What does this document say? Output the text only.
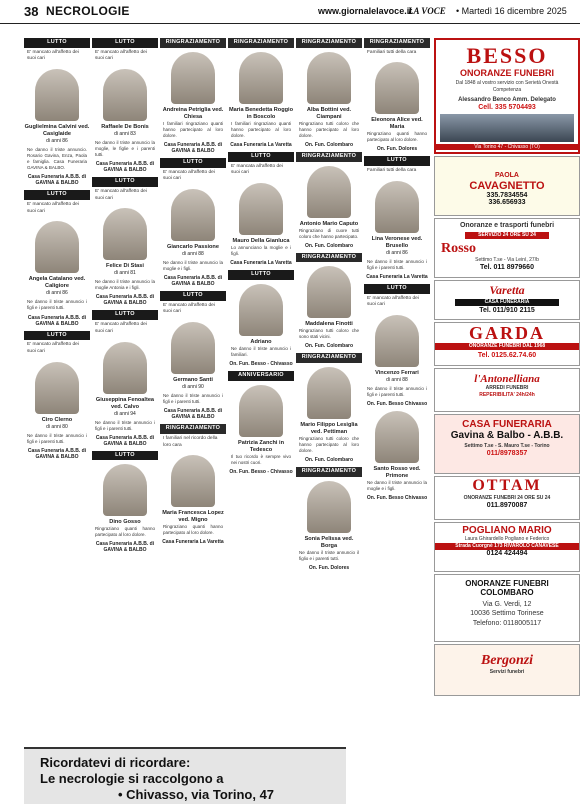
38 NECROLOGIE	www.giornalelavoce.it
LA VOCE • Martedì 16 dicembre 2025
LUTTO
E' mancato all'affetto dei suoi cari
Guglielmina Calvini ved. Casiglaide
di anni 86
Ne danno il triste annuncio. Rosario Gavina, Enza, Paola e famiglia. Casa Funeraria GAVINA & BALBO.
Casa Funeraria A.B.B. di GAVINA & BALBO
LUTTO
E' mancato all'affetto dei suoi cari
Angela Catalano ved. Caligiore
di anni 86
Ne danno il triste annuncio i figli e i parenti tutti.
Casa Funeraria A.B.B. di GAVINA & BALBO
LUTTO
E' mancato all'affetto dei suoi cari
Ciro Clerno
di anni 80
Ne danno il triste annuncio i figli e i parenti tutti.
Casa Funeraria A.B.B. di GAVINA & BALBO
LUTTO
E' mancato all'affetto dei suoi cari
Raffaele De Bonis
di anni 83
Ne danno il triste annuncio la moglie, le figlie e i parenti tutti.
Casa Funeraria A.B.B. di GAVINA & BALBO
LUTTO
E' mancato all'affetto dei suoi cari
Felice Di Stasi
di anni 81
Ne danno il triste annuncio la moglie Antonia e i figli.
Casa Funeraria A.B.B. di GAVINA & BALBO
LUTTO
E' mancato all'affetto dei suoi cari
Giuseppina Fenoaltea ved. Calvo
di anni 94
Ne danno il triste annuncio i figli e i parenti tutti.
Casa Funeraria A.B.B. di GAVINA & BALBO
LUTTO
Dino Gosso
Ringraziano quanti hanno partecipato al loro dolore.
Casa Funeraria A.B.B. di GAVINA & BALBO
RINGRAZIAMENTO
Andreina Petriglia ved. Chiesa
I familiari ringraziano quanti hanno partecipato al loro dolore.
Casa Funeraria A.B.B. di GAVINA & BALBO
LUTTO
E' mancato all'affetto dei suoi cari
Giancarlo Passione
di anni 88
Ne danno il triste annuncio la moglie e i figli.
Casa Funeraria A.B.B. di GAVINA & BALBO
LUTTO
E' mancato all'affetto dei suoi cari
Germano Santi
di anni 90
Ne danno il triste annuncio i figli e i parenti tutti.
Casa Funeraria A.B.B. di GAVINA & BALBO
RINGRAZIAMENTO
I familiari nel ricordo della loro cara
Maria Francesca Lopez ved. Migno
Ringraziano quanti hanno partecipato al loro dolore.
Casa Funeraria La Varetta
RINGRAZIAMENTO
Maria Benedetta Roggio in Boscolo
I familiari ringraziano quanti hanno partecipato al loro dolore.
Casa Funeraria La Varetta
LUTTO
E' mancata all'affetto dei suoi cari
Mauro Della Gianluca
Lo annunciano la moglie e i figli.
Casa Funeraria La Varetta
LUTTO
Adriano
Ne danno il triste annuncio i familiari.
On. Fun. Besso - Chivasso
ANNIVERSARIO
Patrizia Zanchi in Tedesco
Il tuo ricordo è sempre vivo nei nostri cuori.
On. Fun. Besso - Chivasso
RINGRAZIAMENTO
Alba Bottini ved. Ciampani
Ringraziano tutti coloro che hanno partecipato al loro dolore.
On. Fun. Colombaro
RINGRAZIAMENTO
Antonio Mario Caputo
Ringraziano di cuore tutti coloro che hanno partecipato.
On. Fun. Colombaro
RINGRAZIAMENTO
Maddalena Finotti
Ringraziano tutti coloro che sono stati vicini.
On. Fun. Colombaro
RINGRAZIAMENTO
Mario Filippo Lesiglia ved. Pettiman
Ringraziano tutti coloro che hanno partecipato al loro dolore.
On. Fun. Colombaro
RINGRAZIAMENTO
Sonia Pelissa ved. Borga
Ne danno il triste annuncio il figlio e i parenti tutti.
On. Fun. Dolores
RINGRAZIAMENTO
Familiari tutti della cara
Eleonora Alice ved. Maria
Ringraziano quanti hanno partecipato al loro dolore.
On. Fun. Dolores
LUTTO
Familiari tutti della cara
Lina Veronese ved. Brusello
di anni 86
Ne danno il triste annuncio i figli e i parenti tutti.
Casa Funeraria La Varetta
LUTTO
E' mancato all'affetto dei suoi cari
Vincenzo Ferrari
di anni 88
Ne danno il triste annuncio i figli e i parenti tutti.
On. Fun. Besso Chivasso
Santo Rosso ved. Primone
Ne danno il triste annuncio la moglie e i figli.
On. Fun. Besso Chivasso
Ricordatevi di ricordare:
Le necrologie si raccolgono a
• Chivasso, via Torino, 47
BESSO
ONORANZE FUNEBRI
Dal 1848 al vostro servizio con Serietà Onestà Competenza
Alessandro Benco Amm. Delegato
Cell. 335 5704493
Via Torino 47 - Chivasso (TO)
PAOLA
CAVAGNETTO
335.7834554
336.656933
Onoranze e trasporti funebri
SERVIZIO 24 ORE SU 24
Rosso
Settimo T.se - Via Leinì, 27/b
Tel. 011 8979660
Varetta
CASA FUNERARIA
Tel. 011/910 2115
GARDA
ONORANZE FUNEBRI DAL 1968
Tel. 0125.62.74.60
l'Antonelliana
ARREDI FUNEBRI
REPERIBILITA' 24h/24h
CASA FUNERARIA
Gavina & Balbo - A.B.B.
Settimo T.se - S. Mauro T.se - Torino
011/8978357
OTTAM
ONORANZE FUNEBRI 24 ORE SU 24
011.8970087
POGLIANO MARIO
Laura Ghirardello Pogliano e Federico
Strada Cuorgnè 173 RIVAROLO CANAVESE
0124 424494
ONORANZE FUNEBRI COLOMBARO
Via G. Verdi, 12
10036 Settimo Torinese
Telefono: 0118005117
Bergonzi
Servizi funebri
